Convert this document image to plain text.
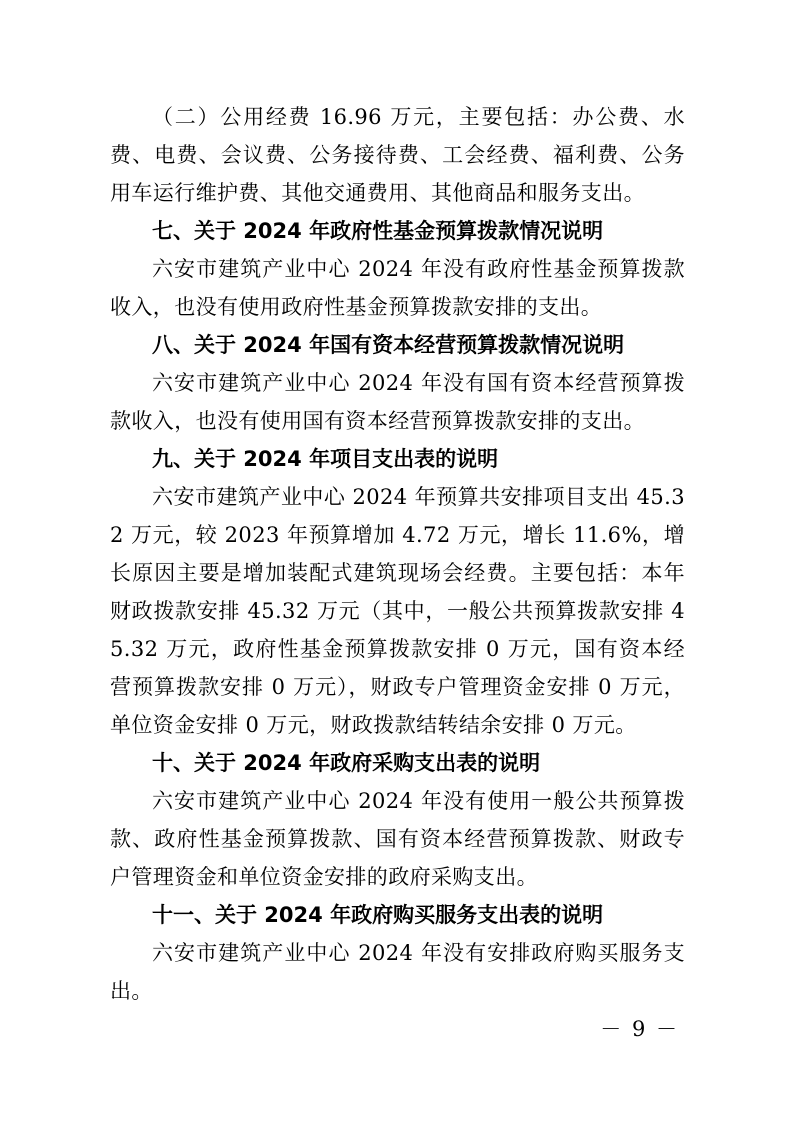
（二）公用经费 16.96 万元，主要包括：办公费、水费、电费、会议费、公务接待费、工会经费、福利费、公务用车运行维护费、其他交通费用、其他商品和服务支出。

七、关于 2024 年政府性基金预算拨款情况说明

六安市建筑产业中心 2024 年没有政府性基金预算拨款收入，也没有使用政府性基金预算拨款安排的支出。

八、关于 2024 年国有资本经营预算拨款情况说明

六安市建筑产业中心 2024 年没有国有资本经营预算拨款收入，也没有使用国有资本经营预算拨款安排的支出。

九、关于 2024 年项目支出表的说明

六安市建筑产业中心 2024 年预算共安排项目支出 45.32 万元，较 2023 年预算增加 4.72 万元，增长 11.6%，增长原因主要是增加装配式建筑现场会经费。主要包括：本年财政拨款安排 45.32 万元（其中，一般公共预算拨款安排 45.32 万元，政府性基金预算拨款安排 0 万元，国有资本经营预算拨款安排 0 万元），财政专户管理资金安排 0 万元，单位资金安排 0 万元，财政拨款结转结余安排 0 万元。

十、关于 2024 年政府采购支出表的说明

六安市建筑产业中心 2024 年没有使用一般公共预算拨款、政府性基金预算拨款、国有资本经营预算拨款、财政专户管理资金和单位资金安排的政府采购支出。

十一、关于 2024 年政府购买服务支出表的说明

六安市建筑产业中心 2024 年没有安排政府购买服务支出。

－ 9 －
